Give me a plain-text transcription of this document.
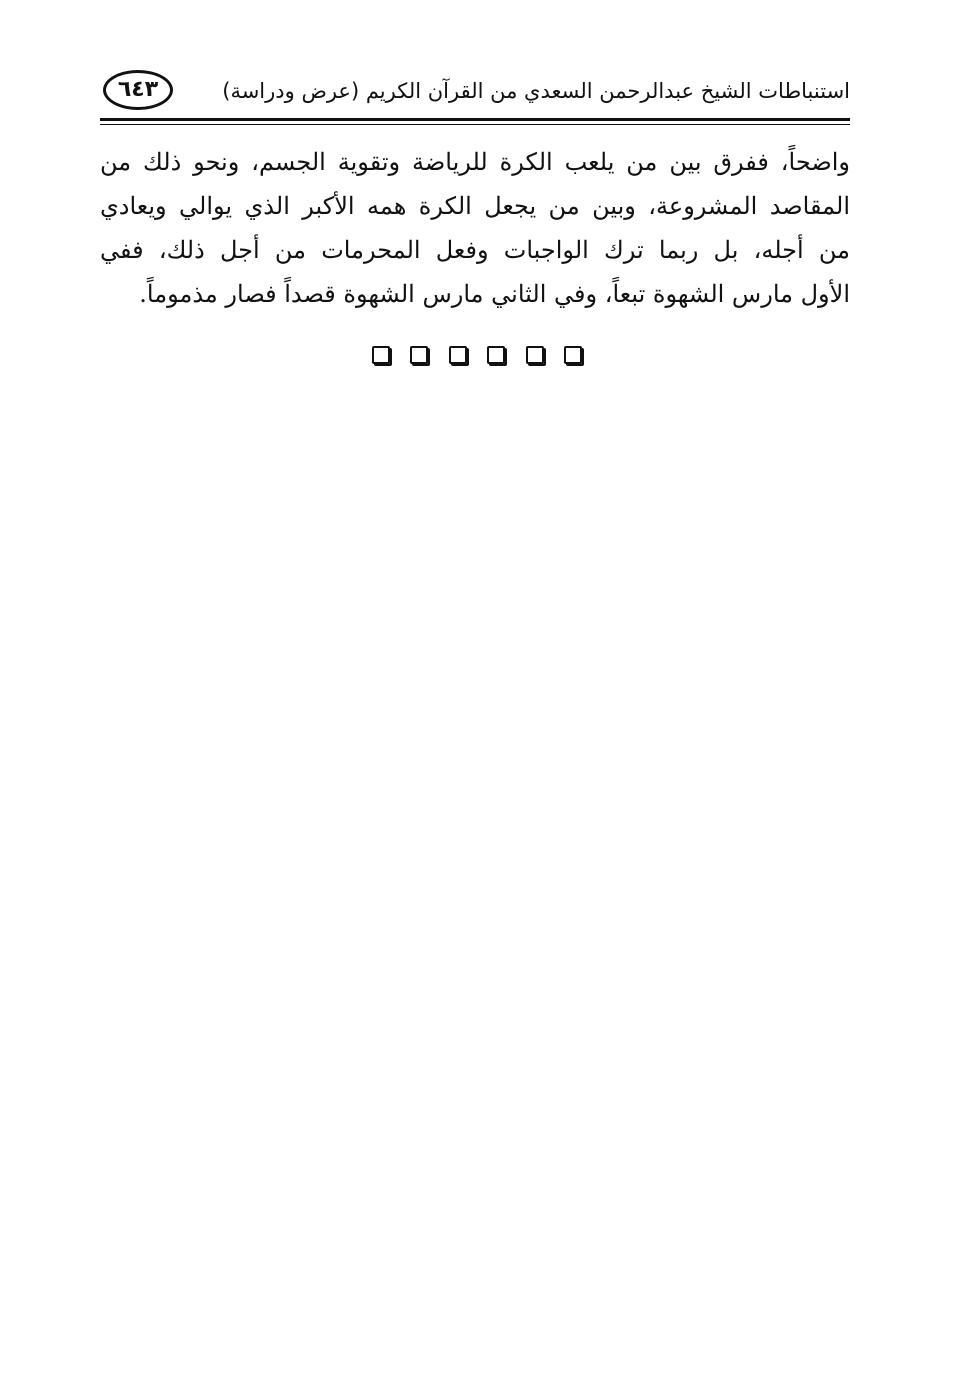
استنباطات الشيخ عبدالرحمن السعدي من القرآن الكريم (عرض ودراسة)
٦٤٣
واضحاً، ففرق بين من يلعب الكرة للرياضة وتقوية الجسم، ونحو ذلك من
المقاصد المشروعة، وبين من يجعل الكرة همه الأكبر الذي يوالي ويعادي
من أجله، بل ربما ترك الواجبات وفعل المحرمات من أجل ذلك، ففي
الأول مارس الشهوة تبعاً، وفي الثاني مارس الشهوة قصداً فصار مذموماً.
